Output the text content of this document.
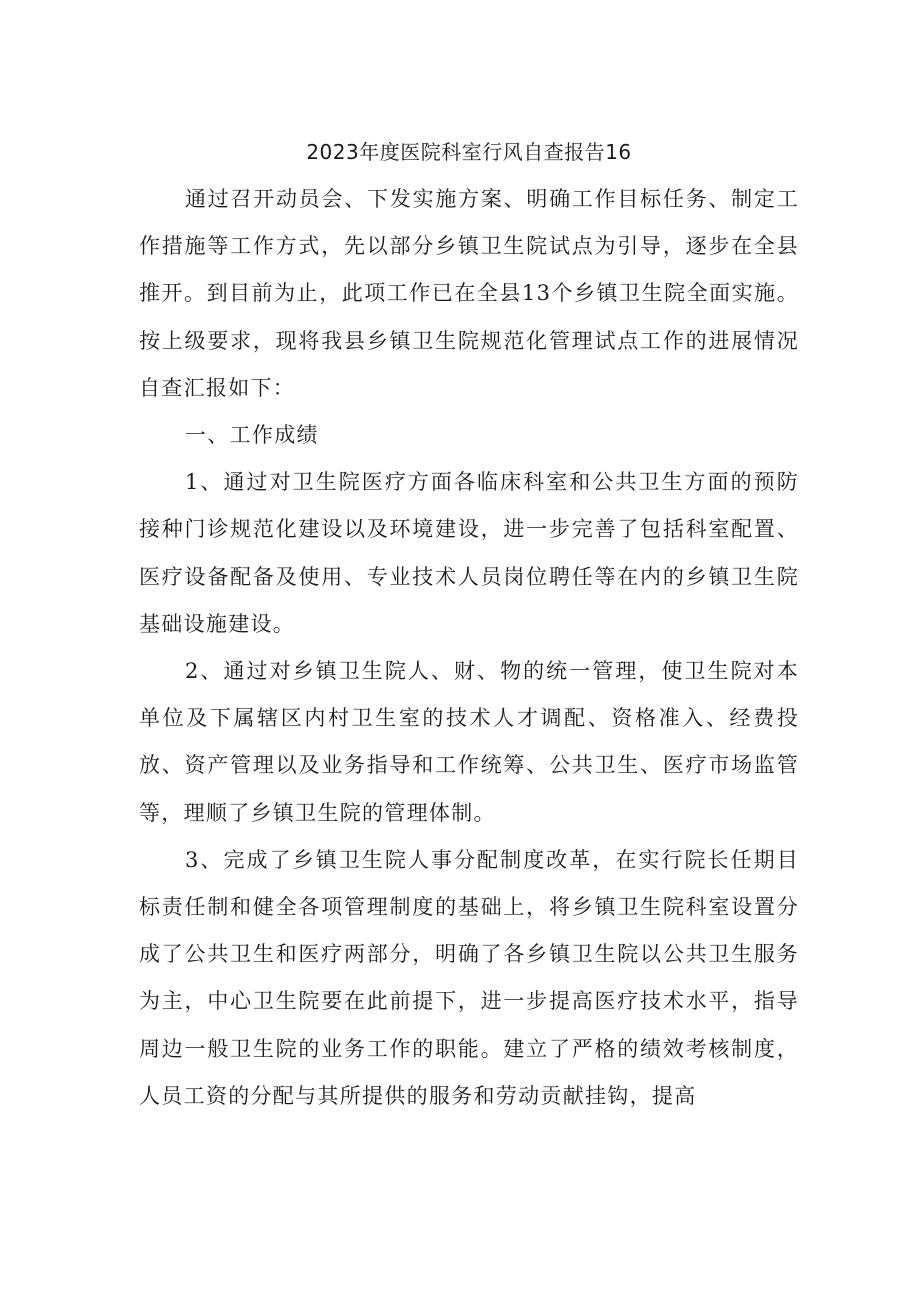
2023年度医院科室行风自查报告16

通过召开动员会、下发实施方案、明确工作目标任务、制定工作措施等工作方式，先以部分乡镇卫生院试点为引导，逐步在全县推开。到目前为止，此项工作已在全县13个乡镇卫生院全面实施。按上级要求，现将我县乡镇卫生院规范化管理试点工作的进展情况自查汇报如下：

一、工作成绩

1、通过对卫生院医疗方面各临床科室和公共卫生方面的预防接种门诊规范化建设以及环境建设，进一步完善了包括科室配置、医疗设备配备及使用、专业技术人员岗位聘任等在内的乡镇卫生院基础设施建设。

2、通过对乡镇卫生院人、财、物的统一管理，使卫生院对本单位及下属辖区内村卫生室的技术人才调配、资格准入、经费投放、资产管理以及业务指导和工作统筹、公共卫生、医疗市场监管等，理顺了乡镇卫生院的管理体制。

3、完成了乡镇卫生院人事分配制度改革，在实行院长任期目标责任制和健全各项管理制度的基础上，将乡镇卫生院科室设置分成了公共卫生和医疗两部分，明确了各乡镇卫生院以公共卫生服务为主，中心卫生院要在此前提下，进一步提高医疗技术水平，指导周边一般卫生院的业务工作的职能。建立了严格的绩效考核制度，人员工资的分配与其所提供的服务和劳动贡献挂钩，提高
